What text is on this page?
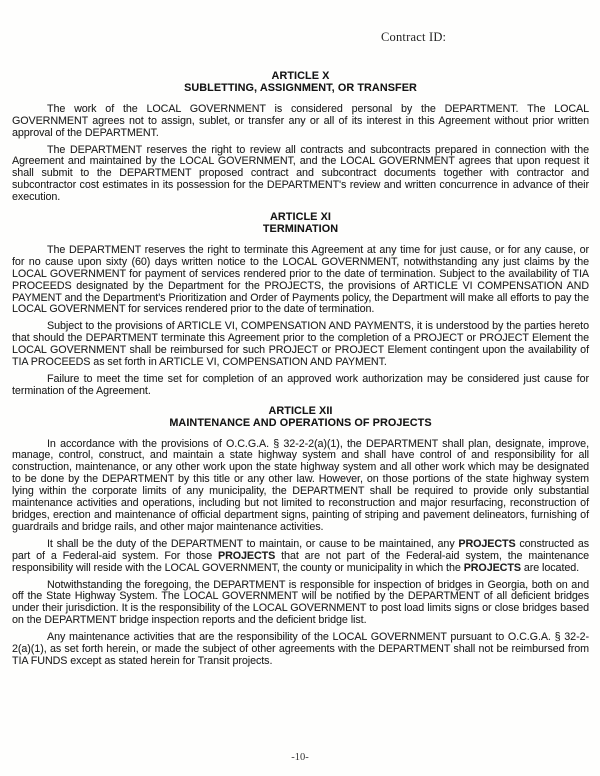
Contract ID:
ARTICLE X
SUBLETTING, ASSIGNMENT, OR TRANSFER

The work of the LOCAL GOVERNMENT is considered personal by the DEPARTMENT. The LOCAL GOVERNMENT agrees not to assign, sublet, or transfer any or all of its interest in this Agreement without prior written approval of the DEPARTMENT.

The DEPARTMENT reserves the right to review all contracts and subcontracts prepared in connection with the Agreement and maintained by the LOCAL GOVERNMENT, and the LOCAL GOVERNMENT agrees that upon request it shall submit to the DEPARTMENT proposed contract and subcontract documents together with contractor and subcontractor cost estimates in its possession for the DEPARTMENT's review and written concurrence in advance of their execution.

ARTICLE XI
TERMINATION

The DEPARTMENT reserves the right to terminate this Agreement at any time for just cause, or for any cause, or for no cause upon sixty (60) days written notice to the LOCAL GOVERNMENT, notwithstanding any just claims by the LOCAL GOVERNMENT for payment of services rendered prior to the date of termination. Subject to the availability of TIA PROCEEDS designated by the Department for the PROJECTS, the provisions of ARTICLE VI COMPENSATION AND PAYMENT and the Department's Prioritization and Order of Payments policy, the Department will make all efforts to pay the LOCAL GOVERNMENT for services rendered prior to the date of termination.

Subject to the provisions of ARTICLE VI, COMPENSATION AND PAYMENTS, it is understood by the parties hereto that should the DEPARTMENT terminate this Agreement prior to the completion of a PROJECT or PROJECT Element the LOCAL GOVERNMENT shall be reimbursed for such PROJECT or PROJECT Element contingent upon the availability of TIA PROCEEDS as set forth in ARTICLE VI, COMPENSATION AND PAYMENT.

Failure to meet the time set for completion of an approved work authorization may be considered just cause for termination of the Agreement.

ARTICLE XII
MAINTENANCE AND OPERATIONS OF PROJECTS

In accordance with the provisions of O.C.G.A. § 32-2-2(a)(1), the DEPARTMENT shall plan, designate, improve, manage, control, construct, and maintain a state highway system and shall have control of and responsibility for all construction, maintenance, or any other work upon the state highway system and all other work which may be designated to be done by the DEPARTMENT by this title or any other law. However, on those portions of the state highway system lying within the corporate limits of any municipality, the DEPARTMENT shall be required to provide only substantial maintenance activities and operations, including but not limited to reconstruction and major resurfacing, reconstruction of bridges, erection and maintenance of official department signs, painting of striping and pavement delineators, furnishing of guardrails and bridge rails, and other major maintenance activities.

It shall be the duty of the DEPARTMENT to maintain, or cause to be maintained, any PROJECTS constructed as part of a Federal-aid system. For those PROJECTS that are not part of the Federal-aid system, the maintenance responsibility will reside with the LOCAL GOVERNMENT, the county or municipality in which the PROJECTS are located.

Notwithstanding the foregoing, the DEPARTMENT is responsible for inspection of bridges in Georgia, both on and off the State Highway System. The LOCAL GOVERNMENT will be notified by the DEPARTMENT of all deficient bridges under their jurisdiction. It is the responsibility of the LOCAL GOVERNMENT to post load limits signs or close bridges based on the DEPARTMENT bridge inspection reports and the deficient bridge list.

Any maintenance activities that are the responsibility of the LOCAL GOVERNMENT pursuant to O.C.G.A. § 32-2-2(a)(1), as set forth herein, or made the subject of other agreements with the DEPARTMENT shall not be reimbursed from TIA FUNDS except as stated herein for Transit projects.

-10-
